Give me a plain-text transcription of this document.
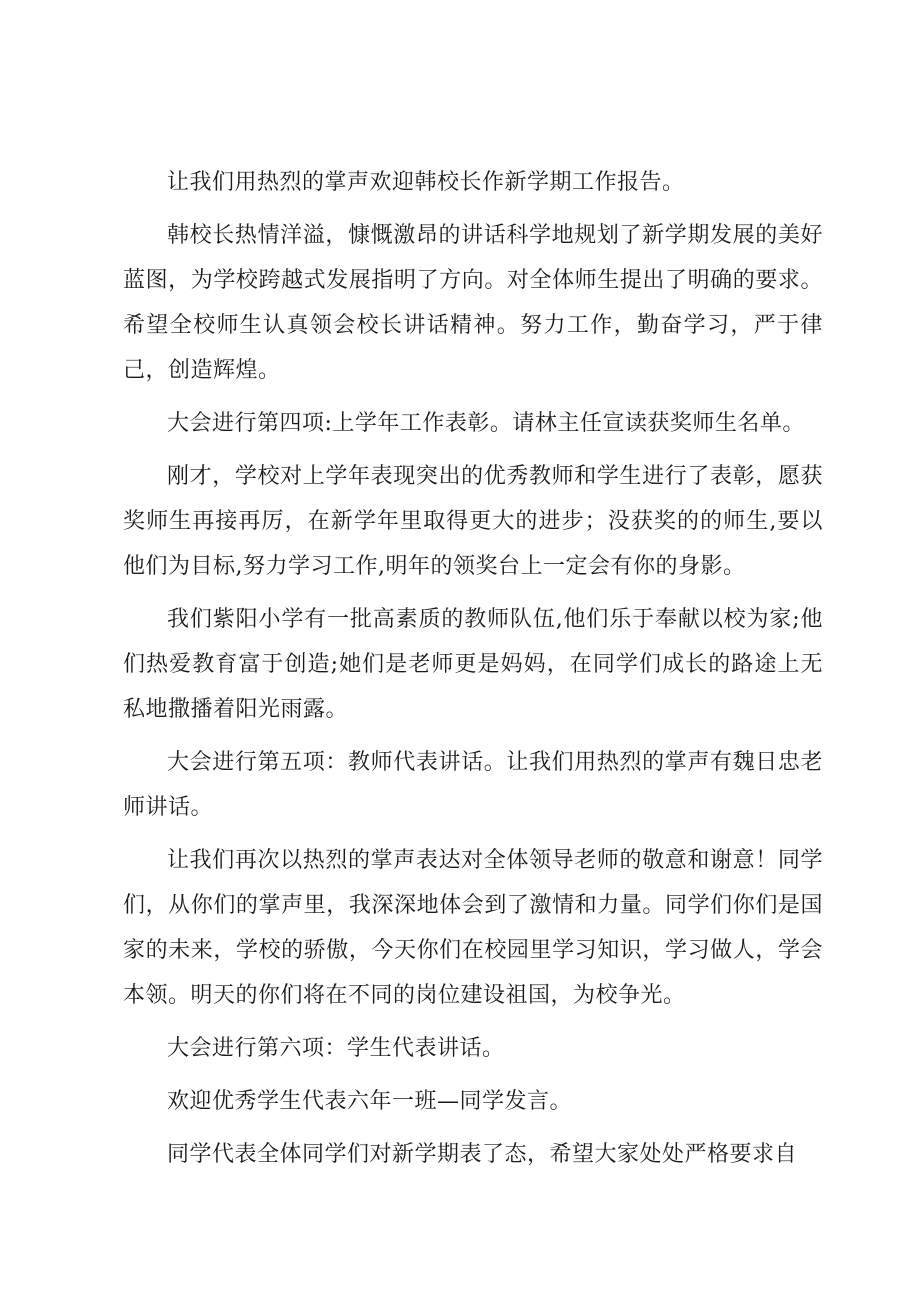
让我们用热烈的掌声欢迎韩校长作新学期工作报告。

韩校长热情洋溢，慷慨激昂的讲话科学地规划了新学期发展的美好蓝图，为学校跨越式发展指明了方向。对全体师生提出了明确的要求。希望全校师生认真领会校长讲话精神。努力工作，勤奋学习，严于律己，创造辉煌。

大会进行第四项:上学年工作表彰。请林主任宣读获奖师生名单。

刚才，学校对上学年表现突出的优秀教师和学生进行了表彰，愿获奖师生再接再厉，在新学年里取得更大的进步；没获奖的的师生,要以他们为目标,努力学习工作,明年的领奖台上一定会有你的身影。

我们紫阳小学有一批高素质的教师队伍,他们乐于奉献以校为家;他们热爱教育富于创造;她们是老师更是妈妈，在同学们成长的路途上无私地撒播着阳光雨露。

大会进行第五项：教师代表讲话。让我们用热烈的掌声有魏日忠老师讲话。

让我们再次以热烈的掌声表达对全体领导老师的敬意和谢意！同学们，从你们的掌声里，我深深地体会到了激情和力量。同学们你们是国家的未来，学校的骄傲，今天你们在校园里学习知识，学习做人，学会本领。明天的你们将在不同的岗位建设祖国，为校争光。

大会进行第六项：学生代表讲话。

欢迎优秀学生代表六年一班—同学发言。

同学代表全体同学们对新学期表了态，希望大家处处严格要求自
